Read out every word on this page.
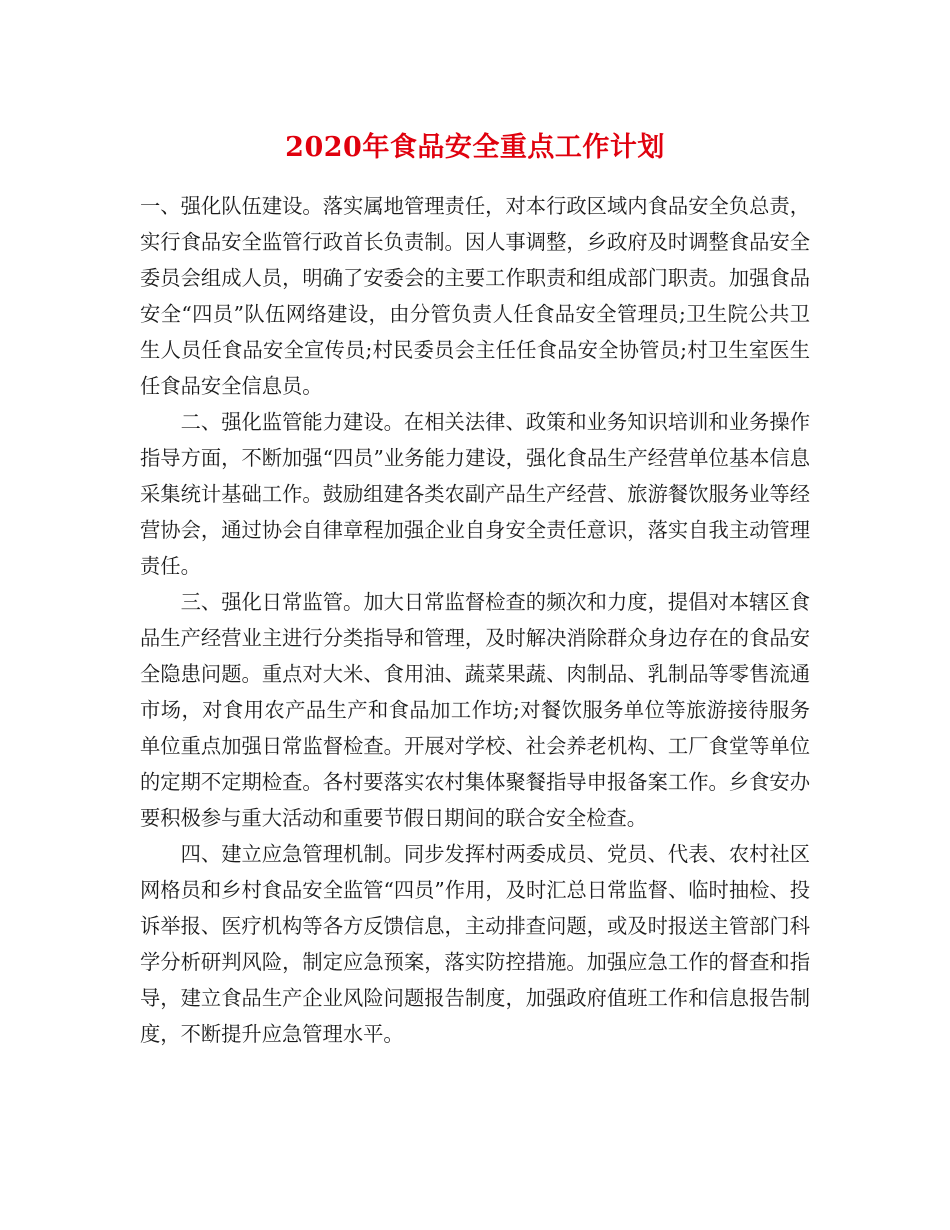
2020年食品安全重点工作计划

一、强化队伍建设。落实属地管理责任，对本行政区域内食品安全负总责，实行食品安全监管行政首长负责制。因人事调整，乡政府及时调整食品安全委员会组成人员，明确了安委会的主要工作职责和组成部门职责。加强食品安全“四员”队伍网络建设，由分管负责人任食品安全管理员;卫生院公共卫生人员任食品安全宣传员;村民委员会主任任食品安全协管员;村卫生室医生任食品安全信息员。

二、强化监管能力建设。在相关法律、政策和业务知识培训和业务操作指导方面，不断加强“四员”业务能力建设，强化食品生产经营单位基本信息采集统计基础工作。鼓励组建各类农副产品生产经营、旅游餐饮服务业等经营协会，通过协会自律章程加强企业自身安全责任意识，落实自我主动管理责任。

三、强化日常监管。加大日常监督检查的频次和力度，提倡对本辖区食品生产经营业主进行分类指导和管理，及时解决消除群众身边存在的食品安全隐患问题。重点对大米、食用油、蔬菜果蔬、肉制品、乳制品等零售流通市场，对食用农产品生产和食品加工作坊;对餐饮服务单位等旅游接待服务单位重点加强日常监督检查。开展对学校、社会养老机构、工厂食堂等单位的定期不定期检查。各村要落实农村集体聚餐指导申报备案工作。乡食安办要积极参与重大活动和重要节假日期间的联合安全检查。

四、建立应急管理机制。同步发挥村两委成员、党员、代表、农村社区网格员和乡村食品安全监管“四员”作用，及时汇总日常监督、临时抽检、投诉举报、医疗机构等各方反馈信息，主动排查问题，或及时报送主管部门科学分析研判风险，制定应急预案，落实防控措施。加强应急工作的督查和指导，建立食品生产企业风险问题报告制度，加强政府值班工作和信息报告制度，不断提升应急管理水平。
